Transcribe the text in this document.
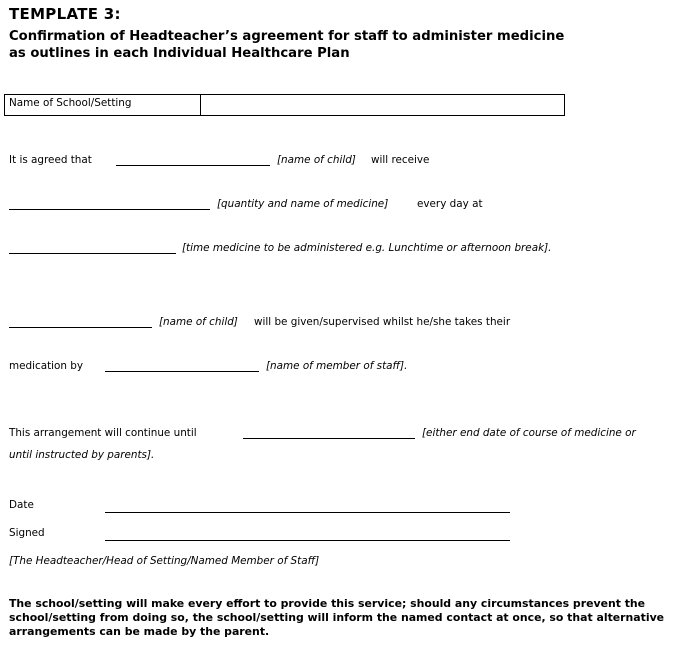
TEMPLATE 3:
Confirmation of Headteacher’s agreement for staff to administer medicine
as outlines in each Individual Healthcare Plan
Name of School/Setting
It is agreed that	[name of child] will receive
[quantity and name of medicine]	every day at
[time medicine to be administered e.g. Lunchtime or afternoon break].
[name of child] will be given/supervised whilst he/she takes their
medication by	[name of member of staff].
This arrangement will continue until	[either end date of course of medicine or
until instructed by parents].
Date
Signed
[The Headteacher/Head of Setting/Named Member of Staff]
The school/setting will make every effort to provide this service; should any circumstances prevent the school/setting from doing so, the school/setting will inform the named contact at once, so that alternative arrangements can be made by the parent.
